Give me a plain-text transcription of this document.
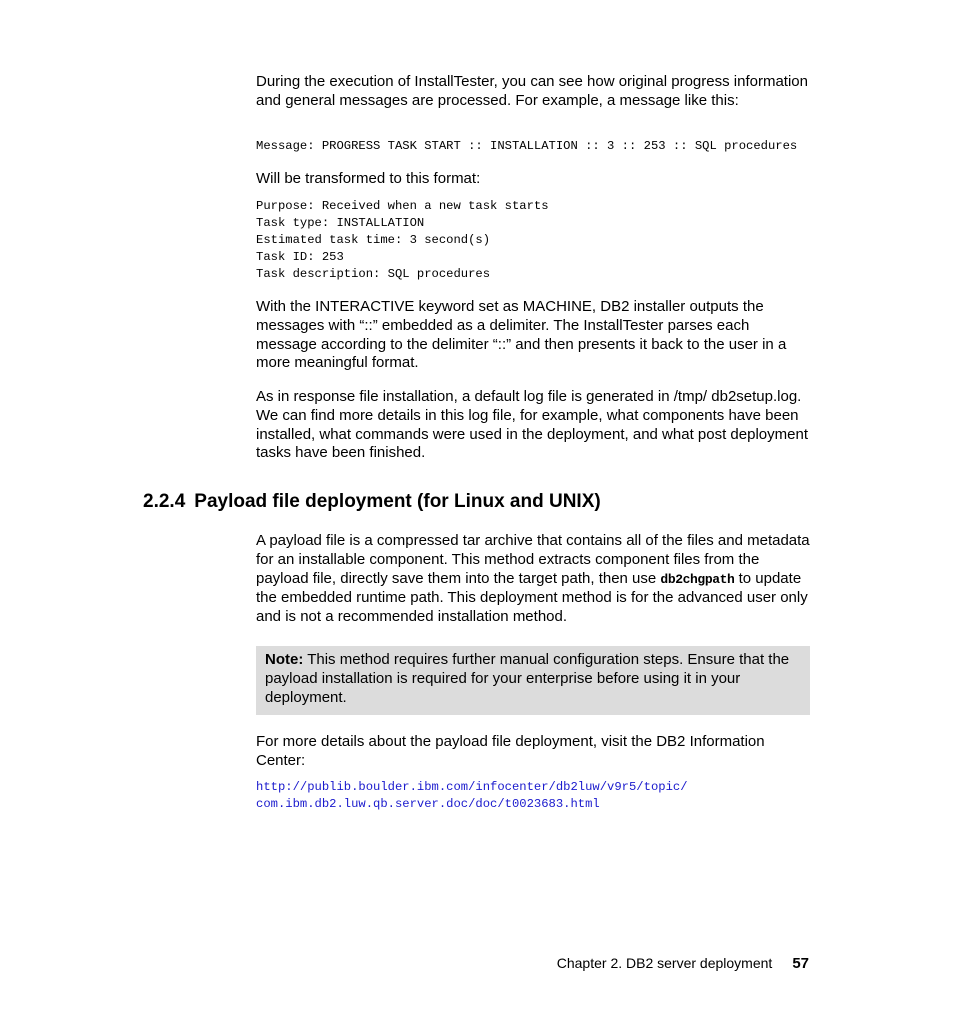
During the execution of InstallTester, you can see how original progress information and general messages are processed. For example, a message like this:

Message: PROGRESS TASK START :: INSTALLATION :: 3 :: 253 :: SQL procedures

Will be transformed to this format:

Purpose: Received when a new task starts

Task type: INSTALLATION

Estimated task time: 3 second(s)

Task ID: 253

Task description: SQL procedures

With the INTERACTIVE keyword set as MACHINE, DB2 installer outputs the messages with “::” embedded as a delimiter. The InstallTester parses each message according to the delimiter “::” and then presents it back to the user in a more meaningful format.

As in response file installation, a default log file is generated in /tmp/ db2setup.log. We can find more details in this log file, for example, what components have been installed, what commands were used in the deployment, and what post deployment tasks have been finished.

2.2.4 Payload file deployment (for Linux and UNIX)

A payload file is a compressed tar archive that contains all of the files and metadata for an installable component. This method extracts component files from the payload file, directly save them into the target path, then use db2chgpath to update the embedded runtime path. This deployment method is for the advanced user only and is not a recommended installation method.

Note: This method requires further manual configuration steps. Ensure that the payload installation is required for your enterprise before using it in your deployment.

For more details about the payload file deployment, visit the DB2 Information Center:

http://publib.boulder.ibm.com/infocenter/db2luw/v9r5/topic/

com.ibm.db2.luw.qb.server.doc/doc/t0023683.html

Chapter 2. DB2 server deployment 57
